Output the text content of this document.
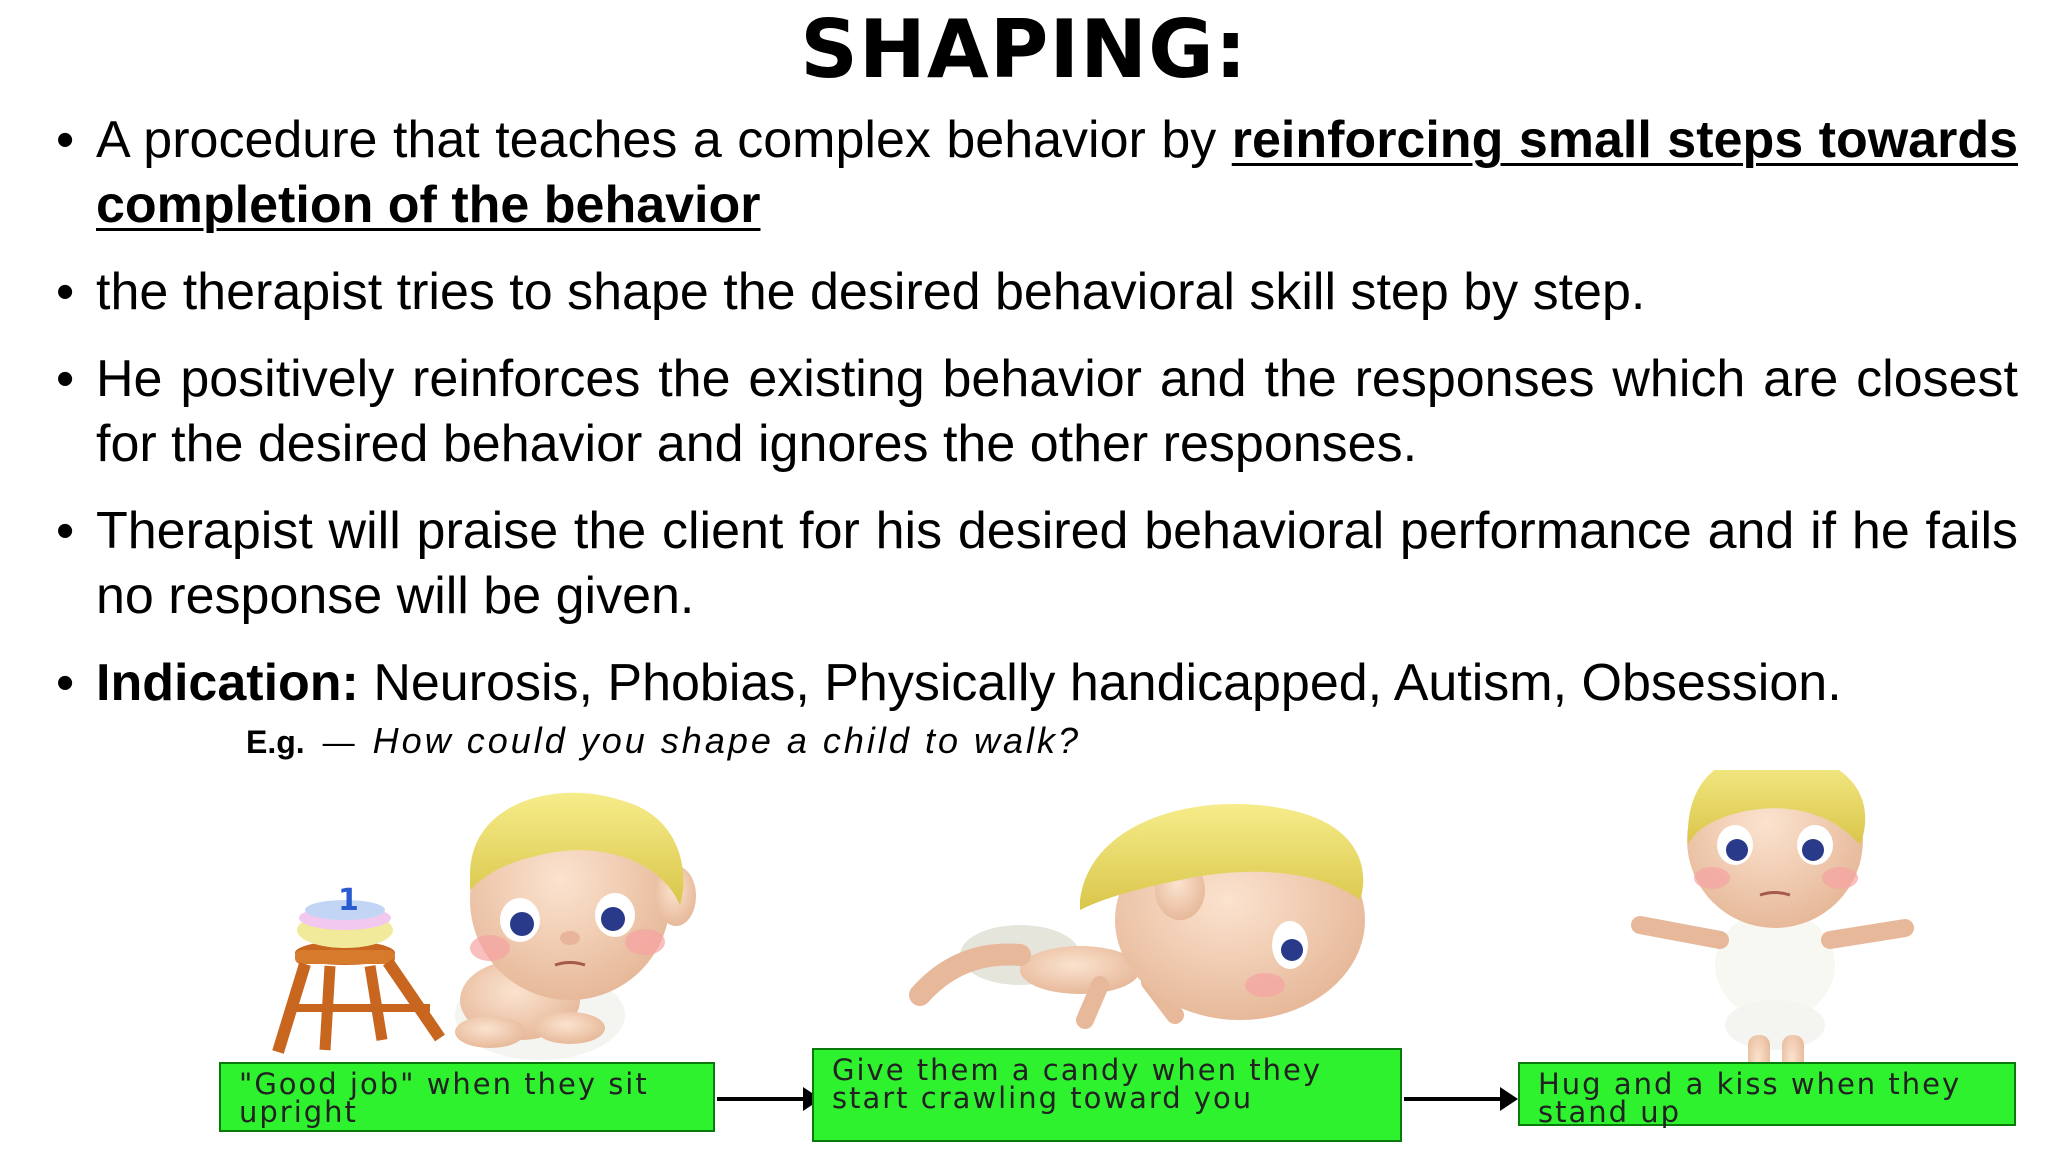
SHAPING:
• A procedure that teaches a complex behavior by reinforcing small steps towards completion of the behavior
• the therapist tries to shape the desired behavioral skill step by step.
• He positively reinforces the existing behavior and the responses which are closest for the desired behavior and ignores the other responses.
• Therapist will praise the client for his desired behavioral performance and if he fails no response will be given.
• Indication: Neurosis, Phobias, Physically handicapped, Autism, Obsession.
E.g. — How could you shape a child to walk?
1
"Good job" when they sit upright
Give them a candy when they start crawling toward you	Hug and a kiss when they stand up
